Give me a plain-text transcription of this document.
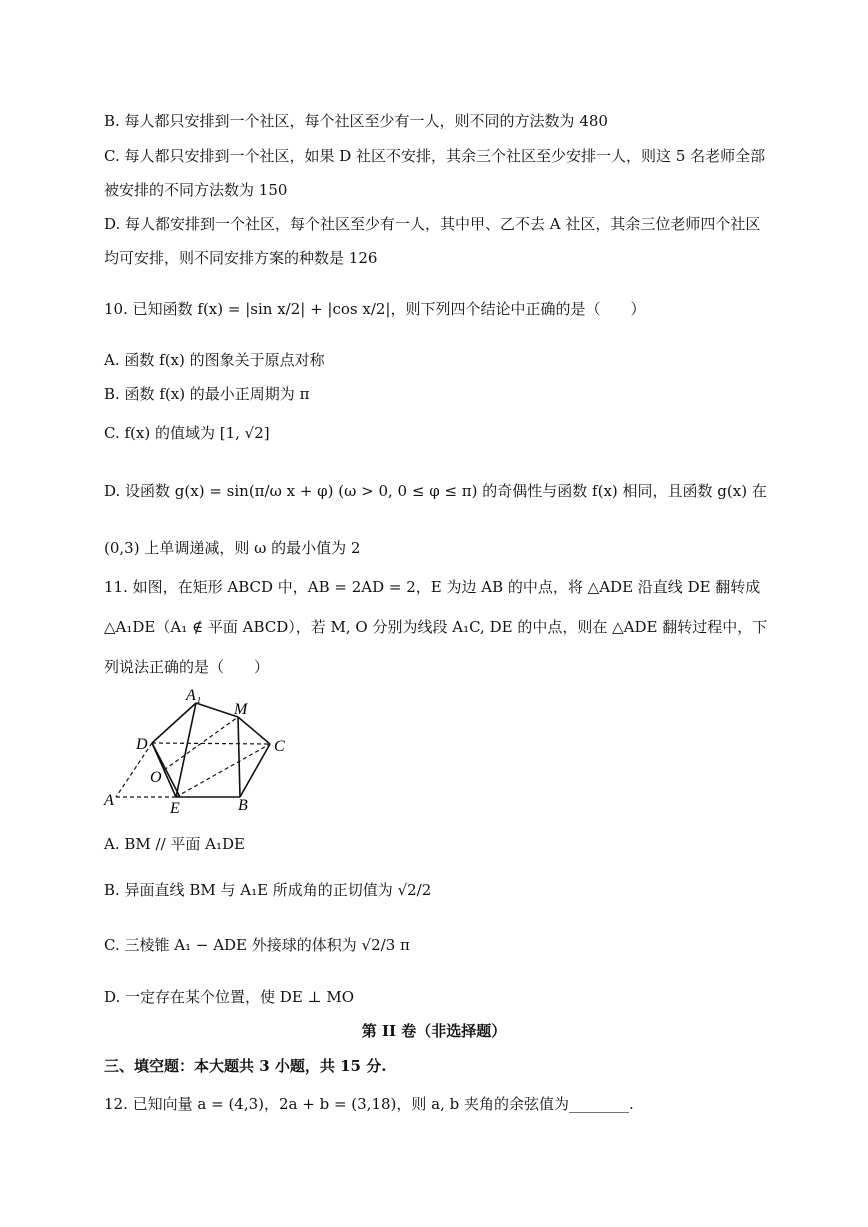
B. 每人都只安排到一个社区，每个社区至少有一人，则不同的方法数为 480
C. 每人都只安排到一个社区，如果 D 社区不安排，其余三个社区至少安排一人，则这 5 名老师全部
被安排的不同方法数为 150
D. 每人都安排到一个社区，每个社区至少有一人，其中甲、乙不去 A 社区，其余三位老师四个社区
均可安排，则不同安排方案的种数是 126
10. 已知函数 f(x) = |sin x/2| + |cos x/2|，则下列四个结论中正确的是（　　）
A. 函数 f(x) 的图象关于原点对称
B. 函数 f(x) 的最小正周期为 π
C. f(x) 的值域为 [1, √2]
D. 设函数 g(x) = sin(π/ω x + φ) (ω > 0, 0 ≤ φ ≤ π) 的奇偶性与函数 f(x) 相同，且函数 g(x) 在
(0,3) 上单调递减，则 ω 的最小值为 2
11. 如图，在矩形 ABCD 中，AB = 2AD = 2，E 为边 AB 的中点，将 △ADE 沿直线 DE 翻转成
△A₁DE（A₁ ∉ 平面 ABCD），若 M, O 分别为线段 A₁C, DE 的中点，则在 △ADE 翻转过程中，下
列说法正确的是（　　）
A₁
M
D	C
O
A	E	B
A. BM // 平面 A₁DE
B. 异面直线 BM 与 A₁E 所成角的正切值为 √2/2
C. 三棱锥 A₁ − ADE 外接球的体积为 √2/3 π
D. 一定存在某个位置，使 DE ⊥ MO
第 II 卷（非选择题）
三、填空题：本大题共 3 小题，共 15 分.
12. 已知向量 a = (4,3)，2a + b = (3,18)，则 a, b 夹角的余弦值为________.
